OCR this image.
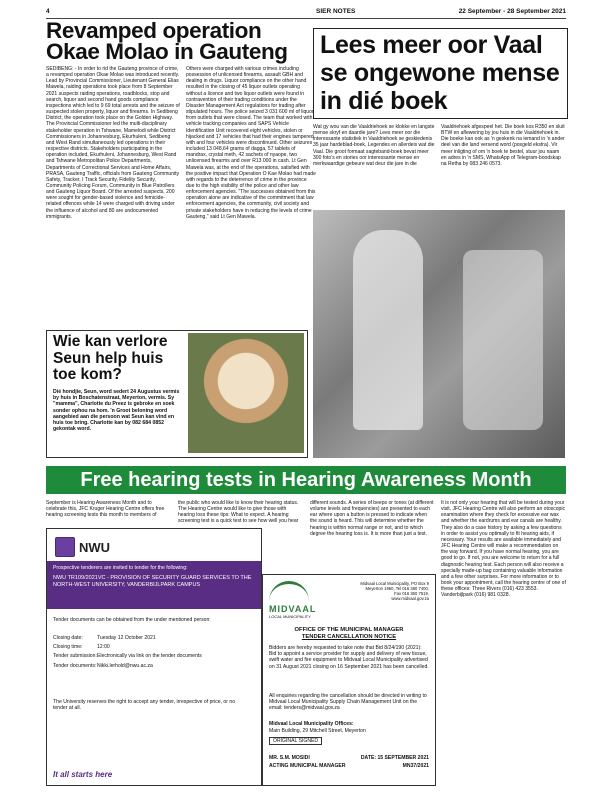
4	SIER NOTES	22 September - 28 September 2021
Revamped operation
Okae Molao in Gauteng

SEDIBENG: - In order to rid the Gauteng province of crime, a revamped operation Okae Molao was introduced recently. Lead by Provincial Commissioner, Lieutenant General Elias Mawela, raiding operations took place from 8 September 2021 suspects raiding operations, roadblocks, stop and search, liquor and second hand goods compliance inspections which led to 9 69 total arrests and the seizure of suspected stolen property, liquor and firearms. In Sedibeng District, the operation took place on the Golden Highway. The Provincial Commissioner led the multi-disciplinary stakeholder operation in Tshwane, Mamelodi while District Commissioners in Johannesburg, Ekurhuleni, Sedibeng and West Rand simultaneously led operations in their respective districts. Stakeholders participating in the operation included, Ekurhuleni, Johannesburg, West Rand and Tshwane Metropolitan Police Departments, Departments of Correctional Services and Home Affairs, PRASA, Gauteng Traffic, officials from Gauteng Community Safety, Tracker, I Track Security, Fidelity Security, Community Policing Forum, Community in Blue Patrollers and Gauteng Liquor Board. Of the arrested suspects, 200 were sought for gender-based violence and femicide-related offences while 14 were charged with driving under the influence of alcohol and 80 are undocumented immigrants.

Others were charged with various crimes including possession of unlicensed firearms, assault GBH and dealing in drugs. Liquor compliance on the other hand resulted in the closing of 45 liquor outlets operating without a licence and two liquor outlets were found in contravention of their trading conditions under the Disaster Management Act regulations for trading after stipulated hours. The police seized 3 031 600 ml of liquor from outlets that were closed. The team that worked with vehicle tracking companies and SAPS Vehicle Identification Unit recovered eight vehicles, stolen or hijacked and 17 vehicles that had their engines tampered with and four vehicles were discontinued. Other seizures included 13 048,64 grams of dagga, 57 tablets of mandrax, crystal meth, 42 sachets of nyaope, two unlicensed firearms and over R13 000 in cash. Lt Gen Mawela was, at the end of the operations, satisfied with the positive impact that Operation O Kae Molao had made with regards to the deterrence of crime in the province due to the high visibility of the police and other law enforcement agencies. "The successes obtained from this operation alone are indicative of the commitment that law enforcement agencies, the community, civil society and private stakeholders have in reducing the levels of crime Gauteng," said Lt Gen Mawela.

Lees meer oor Vaal se ongewone mense in dié boek

Wat gy wou van die Vaaldriehoek se klokke en langste mense skryf en daardie jare? Lees meer oor die interessante statistiek in Vaaldriehoek se geskiedenis 35 jaar hardeblad-boek, Legendes en allerdeis wat die Vaal. Die groot formaat sagteband-boek bevat meer 300 foto's en stories oor interessante mense en merkwaardige gebeure wat deur die jare in die

Vaaldriehoek afgespeel het. Die boek kos R350 en sluit BTW en aflewering by jou huis in die Vaaldriehoek in. Die boeke kan ook as 'n geskenk na iemand in 'n ander deel van die land versend word (posgeld ekstra). Vir meer inligting of om 'n boek te bestel, stuur jou naam en adres in 'n SMS, WhatsApp of Telegram-boodskap na Retha by 083 246 0573.

Wie kan verlore Seun help huis toe kom?
Dié hondjie, Seun, word sedert 24 Augustus vermis by huis in Boschatenstraat, Meyerton, vermis. Sy "mamma", Charlotte du Preez is gebroke en soek sonder ophou na hom. 'n Groot beloning word aangebied aan die persoon wat Seun kan vind en huis toe bring. Charlotte kan by 082 684 0852 gekontak word.
Free hearing tests in Hearing Awareness Month

September is Hearing Awareness Month and to celebrate this, JFC Kruger Hearing Centre offers free hearing screening tests this month to members of

the public who would like to know their hearing status. The Hearing Centre would like to give those with hearing loss these tips: What to expect. A hearing screening test is a quick test to see how well you hear

different sounds. A series of beeps or tones (at different volume levels and frequencies) are presented to each ear where upon a button is pressed to indicate when the sound is heard. This will determine whether the hearing is within normal range or not, and to which degree the hearing loss is. It is more than just a test.

It is not only your hearing that will be tested during your visit. JFC Hearing Centre will also perform an otoscopic examination where they check for excessive ear wax and whether the eardrums and ear canals are healthy. They also do a case history by asking a few questions in order to assist you optimally to fit hearing aids, if necessary. Your results are available immediately and JFC Hearing Centre will make a recommendation on the way forward. If you have normal hearing, you are good to go. If not, you are welcome to return for a full diagnostic hearing test. Each person will also receive a specially made-up bag containing valuable information and a few other surprises. For more information or to book your appointment, call the hearing centre of one of these offices: Three Rivers (016) 423 3553. Vanderbijlpark (016) 981 0328.

NWU
Prospective tenderers are invited to tender for the following:
NWU TR109/2021VC - PROVISION OF SECURITY GUARD SERVICES TO THE NORTH-WEST UNIVERSITY, VANDERBIJLPARK CAMPUS
Tender documents can be obtained from the under mentioned person:
Closing date:	Tuesday 12 October 2021
Closing time:	12:00
Tender submission: Electronically via link on the tender documents
Tender documents: Nikki.lerhold@nwu.ac.za
The University reserves the right to accept any tender, irrespective of price, or no tender at all.
It all starts here
MIDVAAL
LOCAL MUNICIPALITY
Midvaal Local Municipality, PO Box 9 Meyerton 1960, Tel 016 360 7400, Fax 016 360 7519, www.midvaal.gov.za
OFFICE OF THE MUNICIPAL MANAGER
TENDER CANCELLATION NOTICE
Bidders are hereby requested to take note that Bid 8/24/190 (2021): Bid to appoint a service provider for supply and delivery of new tissue, swift water and fire equipment to Midvaal Local Municipality advertised on 31 August 2021 closing on 16 September 2021 has been cancelled.
All enquiries regarding the cancellation should be directed in writing to Midvaal Local Municipality Supply Chain Management Unit on the email: tenders@midvaal.gov.za
Midvaal Local Municipality Offices:
Main Building, 29 Mitchell Street, Meyerton
ORIGINAL SIGNED
MR. S.M. MOSIDI
ACTING MUNICIPAL MANAGER
DATE: 15 SEPTEMBER 2021
MN37/2021
